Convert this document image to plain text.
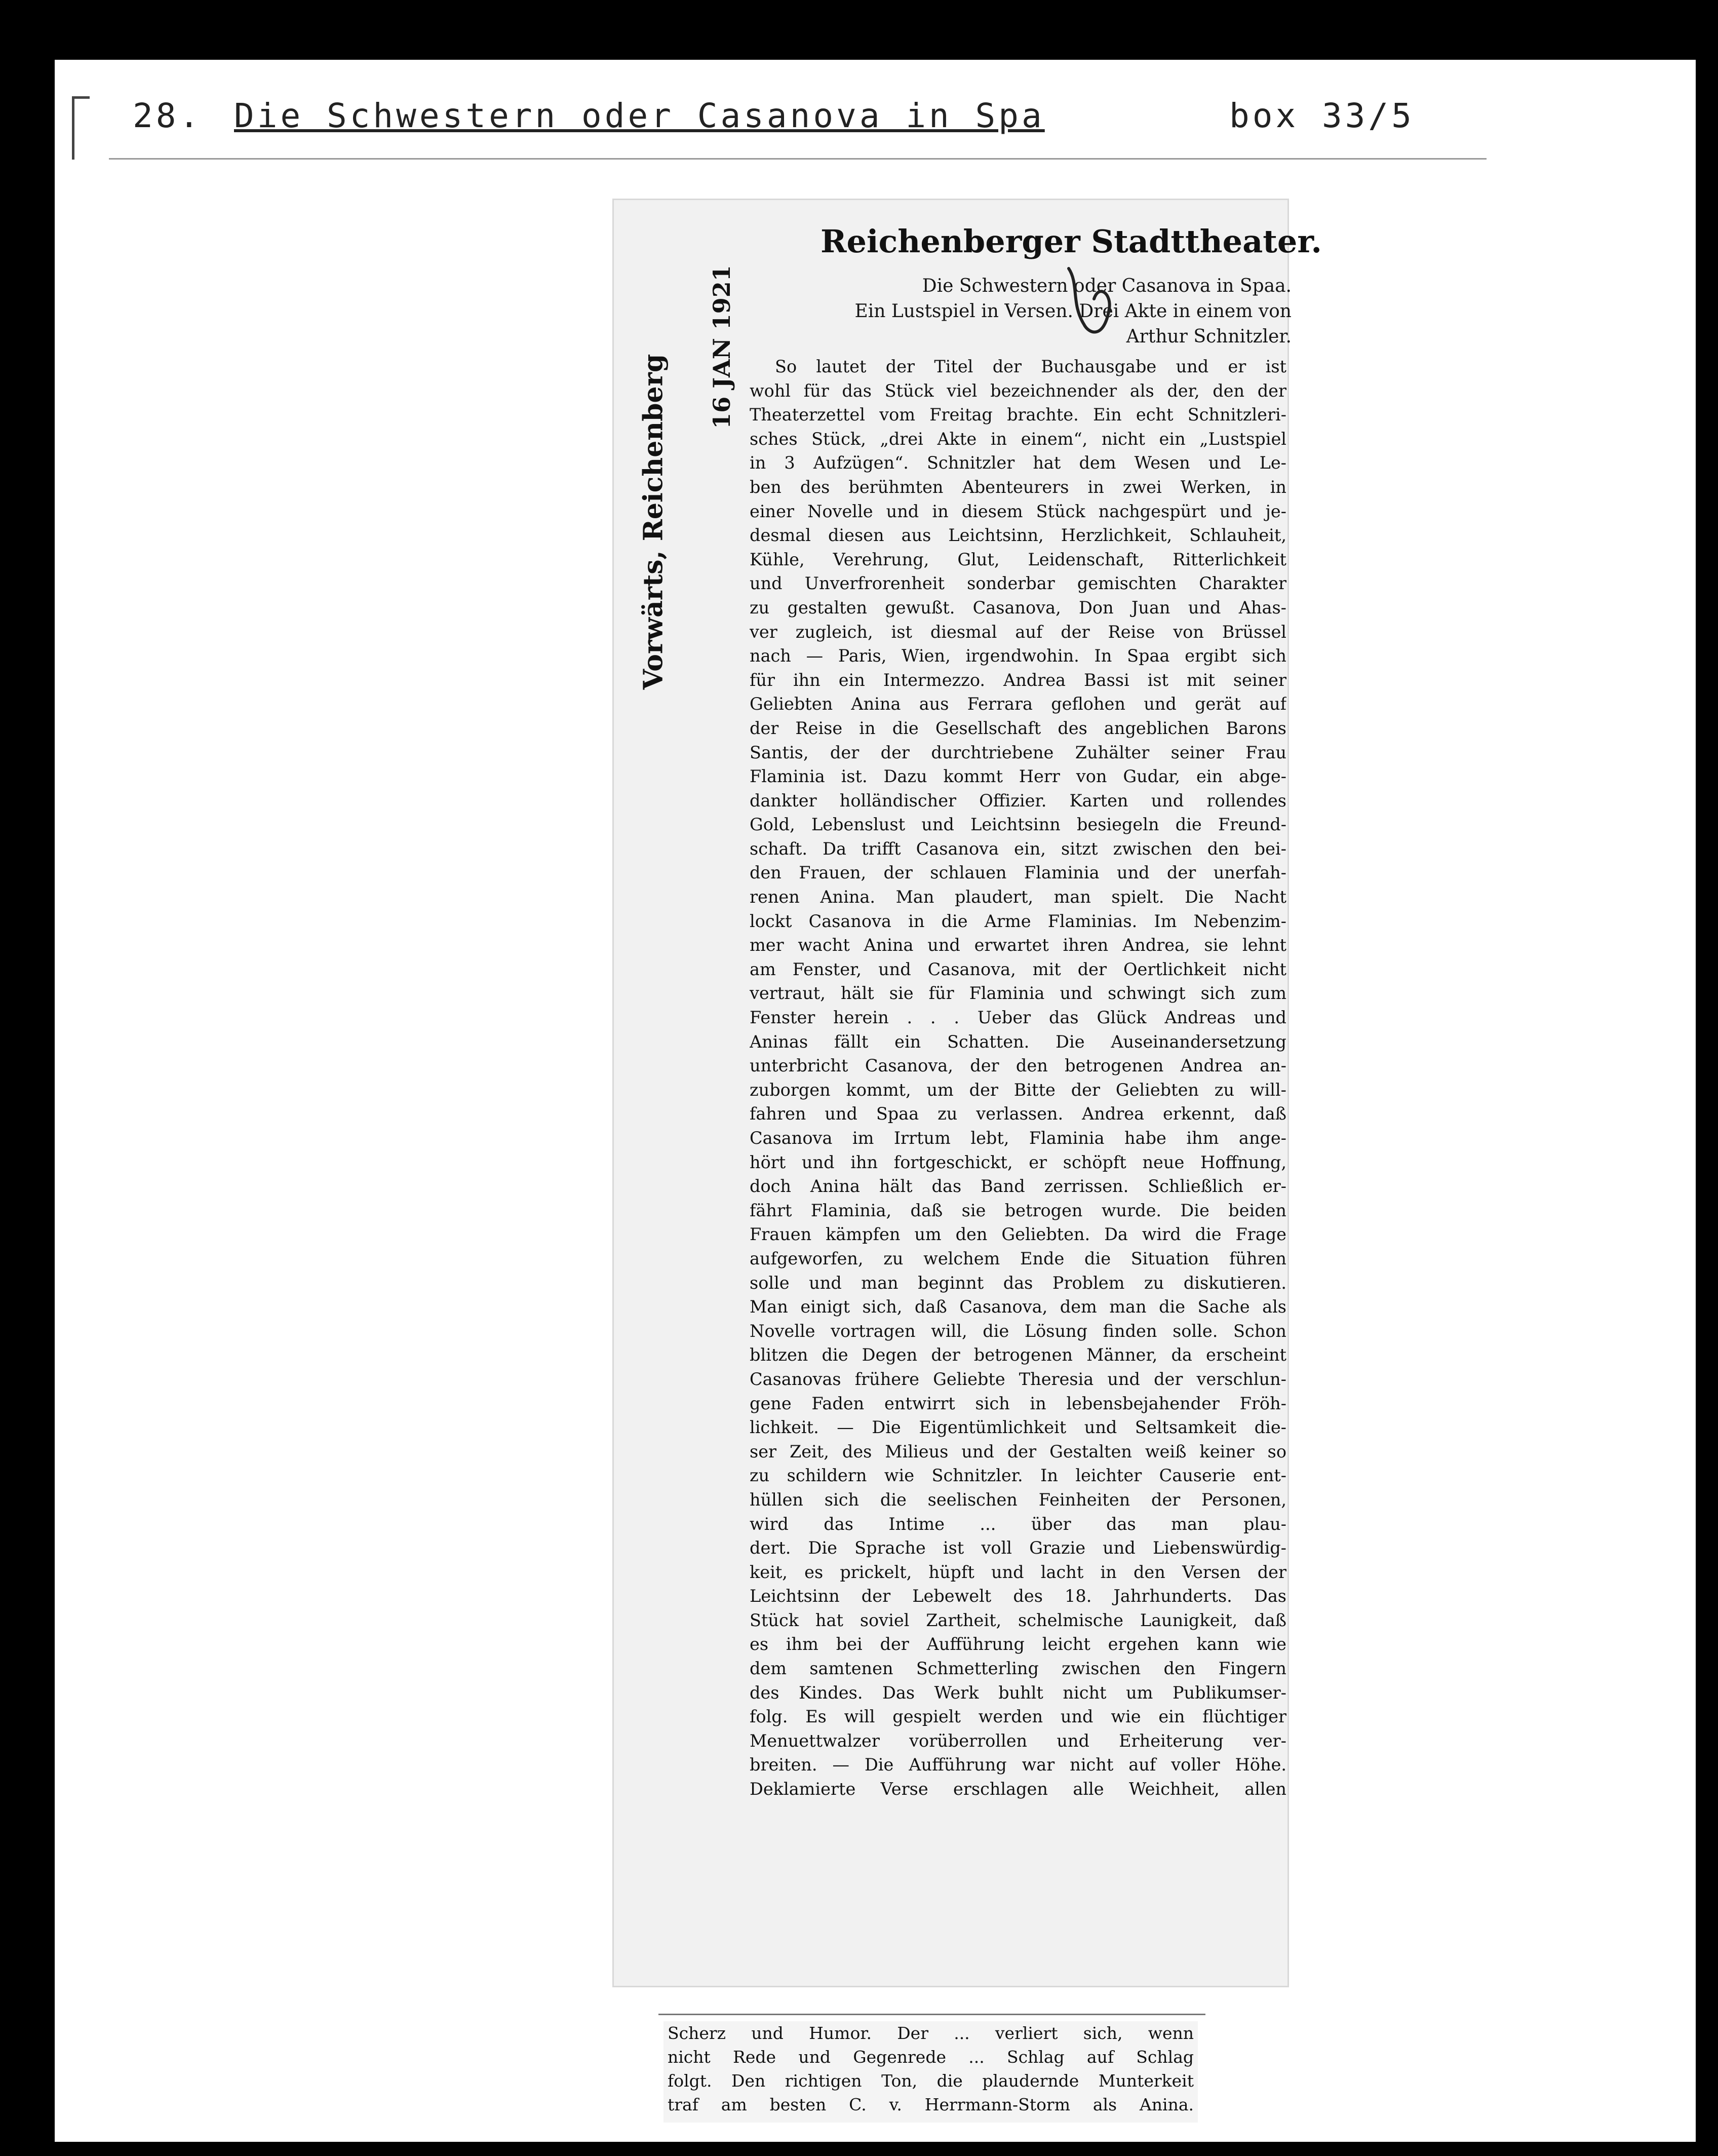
28. Die Schwestern oder Casanova in Spa	box 33/5
Vorwärts, Reichenberg
16 JAN 1921
Reichenberger Stadttheater.
Die Schwestern oder Casanova in Spaa.
Ein Lustspiel in Versen. Drei Akte in einem von
Arthur Schnitzler.
So lautet der Titel der Buchausgabe und er ist
wohl für das Stück viel bezeichnender als der, den der
Theaterzettel vom Freitag brachte. Ein echt Schnitzleri-
sches Stück, „drei Akte in einem“, nicht ein „Lustspiel
in 3 Aufzügen“. Schnitzler hat dem Wesen und Le-
ben des berühmten Abenteurers in zwei Werken, in
einer Novelle und in diesem Stück nachgespürt und je-
desmal diesen aus Leichtsinn, Herzlichkeit, Schlauheit,
Kühle, Verehrung, Glut, Leidenschaft, Ritterlichkeit
und Unverfrorenheit sonderbar gemischten Charakter
zu gestalten gewußt. Casanova, Don Juan und Ahas-
ver zugleich, ist diesmal auf der Reise von Brüssel
nach — Paris, Wien, irgendwohin. In Spaa ergibt sich
für ihn ein Intermezzo. Andrea Bassi ist mit seiner
Geliebten Anina aus Ferrara geflohen und gerät auf
der Reise in die Gesellschaft des angeblichen Barons
Santis, der der durchtriebene Zuhälter seiner Frau
Flaminia ist. Dazu kommt Herr von Gudar, ein abge-
dankter holländischer Offizier. Karten und rollendes
Gold, Lebenslust und Leichtsinn besiegeln die Freund-
schaft. Da trifft Casanova ein, sitzt zwischen den bei-
den Frauen, der schlauen Flaminia und der unerfah-
renen Anina. Man plaudert, man spielt. Die Nacht
lockt Casanova in die Arme Flaminias. Im Nebenzim-
mer wacht Anina und erwartet ihren Andrea, sie lehnt
am Fenster, und Casanova, mit der Oertlichkeit nicht
vertraut, hält sie für Flaminia und schwingt sich zum
Fenster herein . . . Ueber das Glück Andreas und
Aninas fällt ein Schatten. Die Auseinandersetzung
unterbricht Casanova, der den betrogenen Andrea an-
zuborgen kommt, um der Bitte der Geliebten zu will-
fahren und Spaa zu verlassen. Andrea erkennt, daß
Casanova im Irrtum lebt, Flaminia habe ihm ange-
hört und ihn fortgeschickt, er schöpft neue Hoffnung,
doch Anina hält das Band zerrissen. Schließlich er-
fährt Flaminia, daß sie betrogen wurde. Die beiden
Frauen kämpfen um den Geliebten. Da wird die Frage
aufgeworfen, zu welchem Ende die Situation führen
solle und man beginnt das Problem zu diskutieren.
Man einigt sich, daß Casanova, dem man die Sache als
Novelle vortragen will, die Lösung finden solle. Schon
blitzen die Degen der betrogenen Männer, da erscheint
Casanovas frühere Geliebte Theresia und der verschlun-
gene Faden entwirrt sich in lebensbejahender Fröh-
lichkeit. — Die Eigentümlichkeit und Seltsamkeit die-
ser Zeit, des Milieus und der Gestalten weiß keiner so
zu schildern wie Schnitzler. In leichter Causerie ent-
hüllen sich die seelischen Feinheiten der Personen,
wird das Intime ... über das man plau-
dert. Die Sprache ist voll Grazie und Liebenswürdig-
keit, es prickelt, hüpft und lacht in den Versen der
Leichtsinn der Lebewelt des 18. Jahrhunderts. Das
Stück hat soviel Zartheit, schelmische Launigkeit, daß
es ihm bei der Aufführung leicht ergehen kann wie
dem samtenen Schmetterling zwischen den Fingern
des Kindes. Das Werk buhlt nicht um Publikumser-
folg. Es will gespielt werden und wie ein flüchtiger
Menuettwalzer vorüberrollen und Erheiterung ver-
breiten. — Die Aufführung war nicht auf voller Höhe.
Deklamierte Verse erschlagen alle Weichheit, allen
Scherz und Humor. Der ... verliert sich, wenn
nicht Rede und Gegenrede ... Schlag auf Schlag
folgt. Den richtigen Ton, die plaudernde Munterkeit
traf am besten C. v. Herrmann-Storm als Anina.
